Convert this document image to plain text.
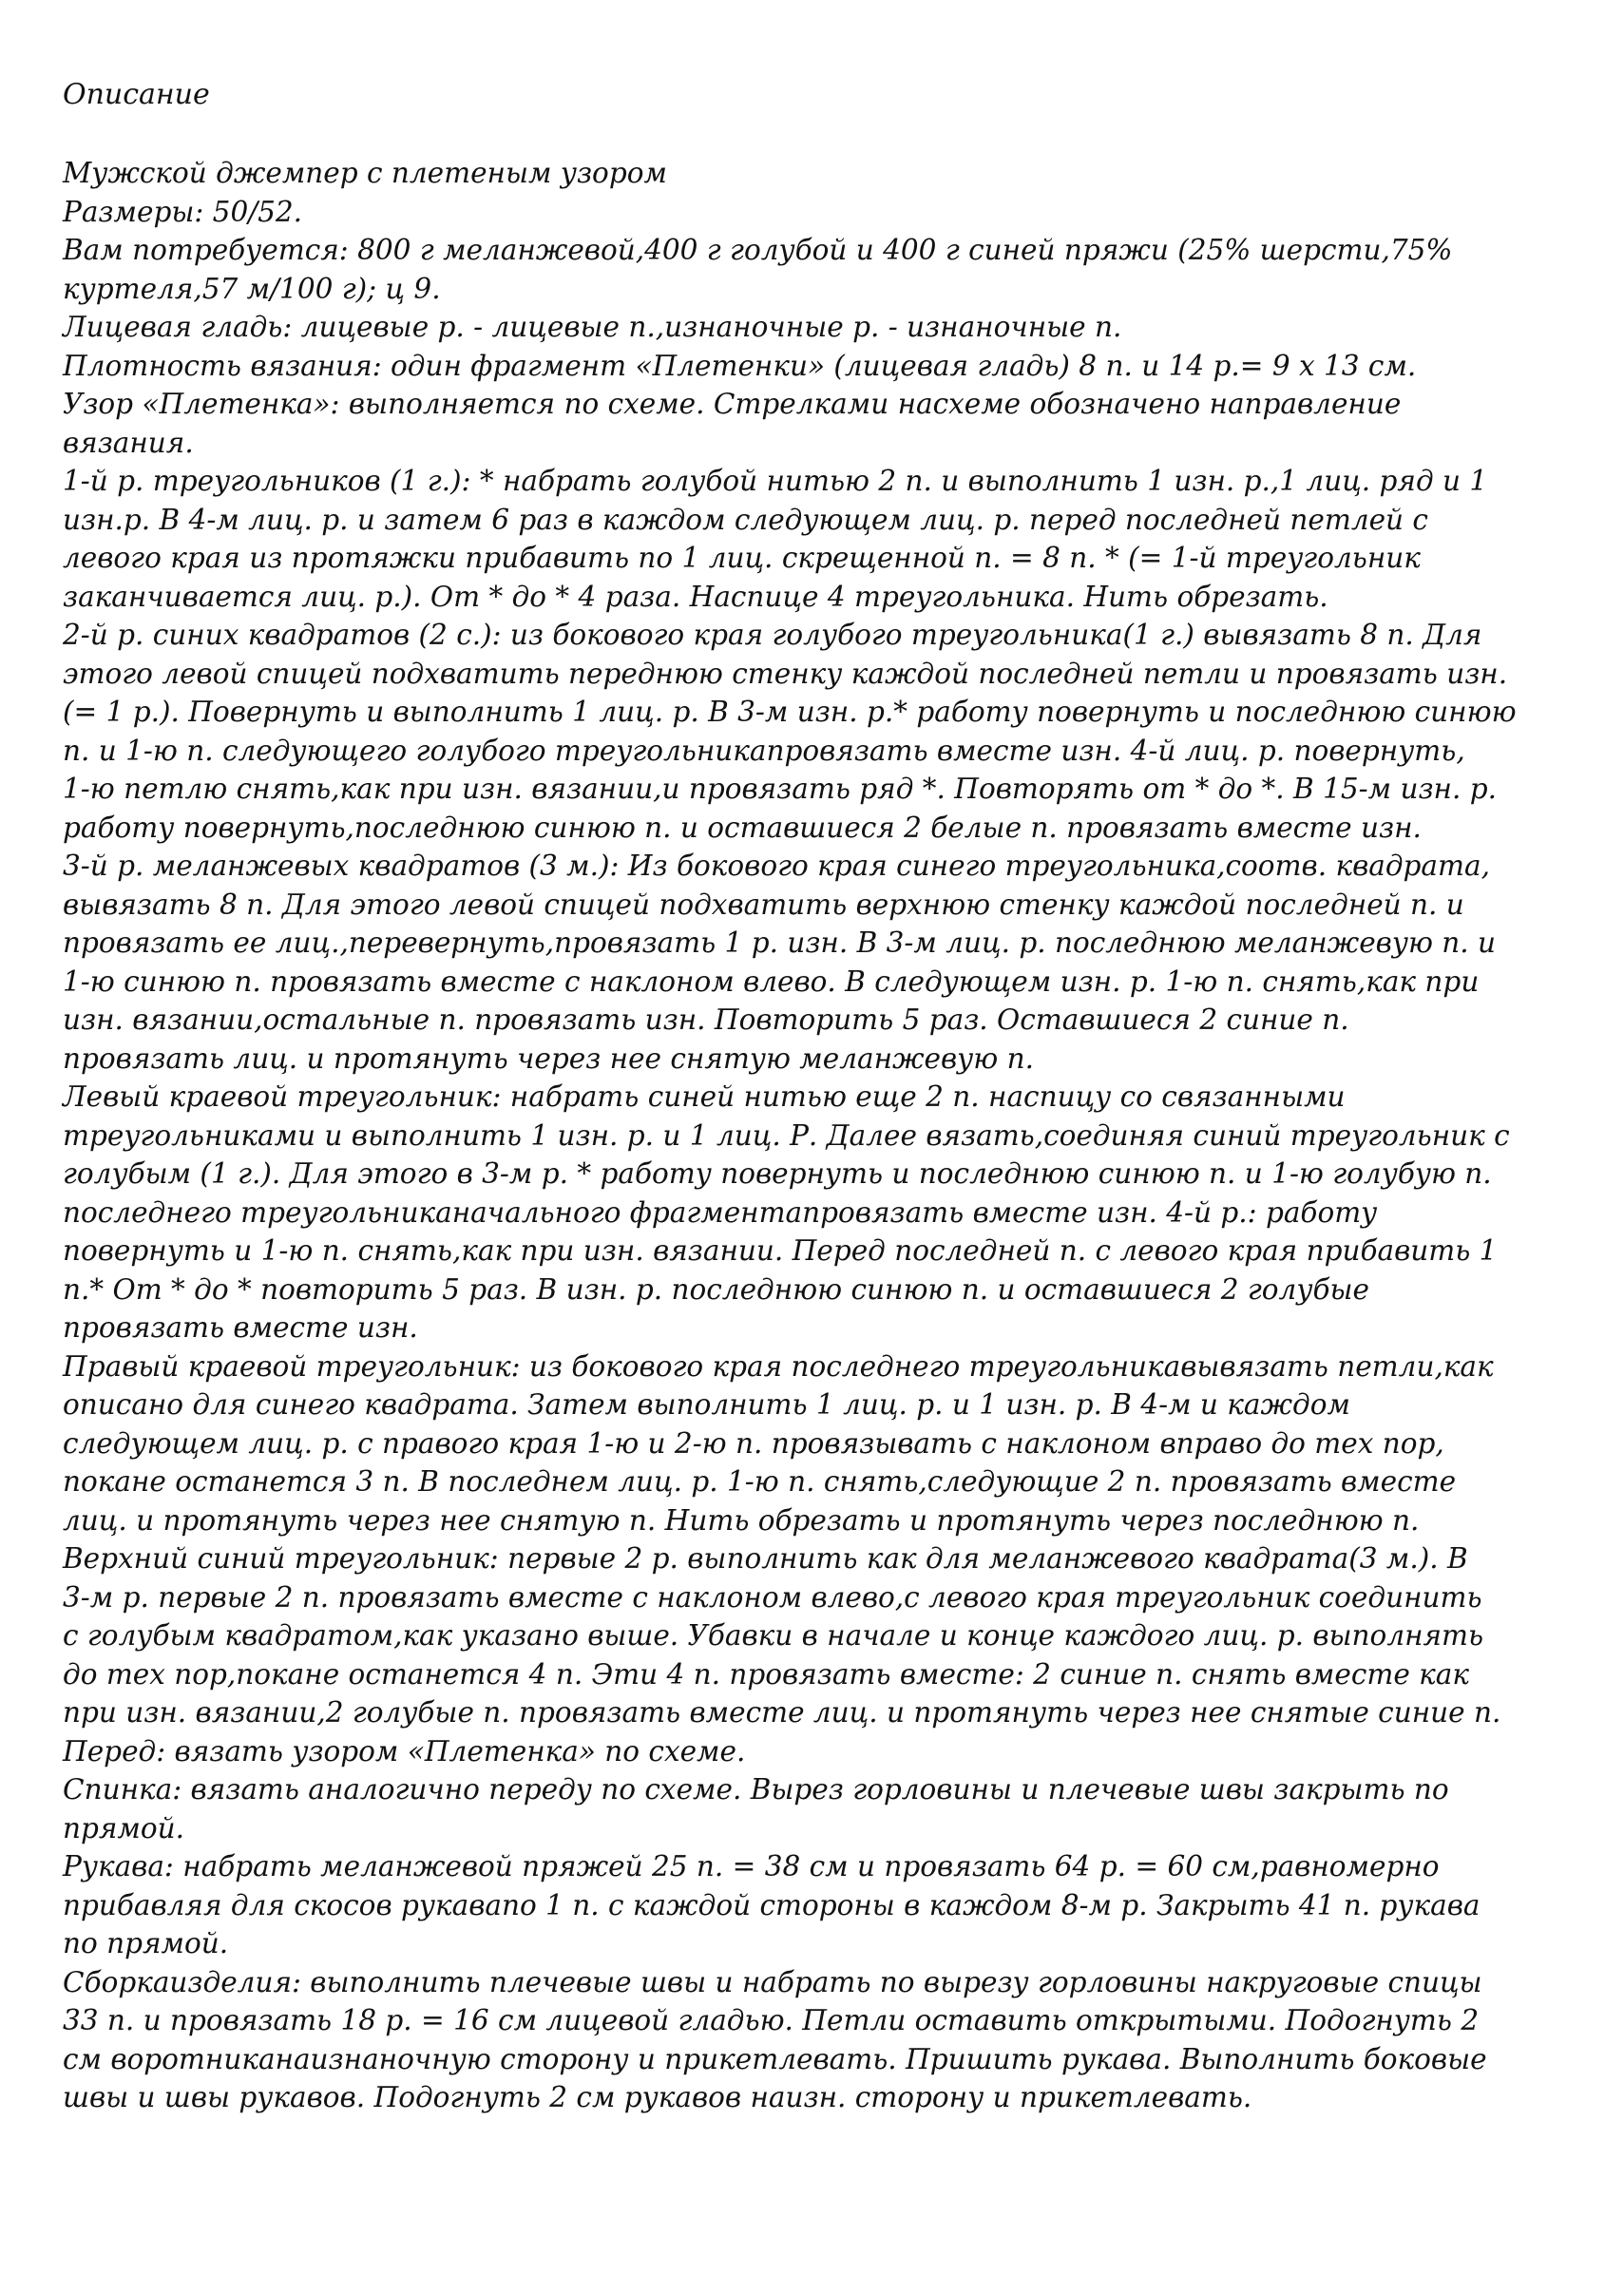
Описание
Мужской джемпер с плетеным узором
Размеры: 50/52.
Вам потребуется: 800 г меланжевой,400 г голубой и 400 г синей пряжи (25% шерсти,75%
куртеля,57 м/100 г); ц 9.
Лицевая гладь: лицевые р. - лицевые п.,изнаночные р. - изнаночные п.
Плотность вязания: один фрагмент «Плетенки» (лицевая гладь) 8 п. и 14 р.= 9 х 13 см.
Узор «Плетенка»: выполняется по схеме. Стрелками насхеме обозначено направление
вязания.
1-й р. треугольников (1 г.): * набрать голубой нитью 2 п. и выполнить 1 изн. р.,1 лиц. ряд и 1
изн.р. В 4-м лиц. р. и затем 6 раз в каждом следующем лиц. р. перед последней петлей с
левого края из протяжки прибавить по 1 лиц. скрещенной п. = 8 п. * (= 1-й треугольник
заканчивается лиц. р.). От * до * 4 раза. Наспице 4 треугольника. Нить обрезать.
2-й р. синих квадратов (2 с.): из бокового края голубого треугольника(1 г.) вывязать 8 п. Для
этого левой спицей подхватить переднюю стенку каждой последней петли и провязать изн.
(= 1 р.). Повернуть и выполнить 1 лиц. р. В 3-м изн. р.* работу повернуть и последнюю синюю
п. и 1-ю п. следующего голубого треугольникапровязать вместе изн. 4-й лиц. р. повернуть,
1-ю петлю снять,как при изн. вязании,и провязать ряд *. Повторять от * до *. В 15-м изн. р.
работу повернуть,последнюю синюю п. и оставшиеся 2 белые п. провязать вместе изн.
3-й р. меланжевых квадратов (3 м.): Из бокового края синего треугольника,соотв. квадрата,
вывязать 8 п. Для этого левой спицей подхватить верхнюю стенку каждой последней п. и
провязать ее лиц.,перевернуть,провязать 1 р. изн. В 3-м лиц. р. последнюю меланжевую п. и
1-ю синюю п. провязать вместе с наклоном влево. В следующем изн. р. 1-ю п. снять,как при
изн. вязании,остальные п. провязать изн. Повторить 5 раз. Оставшиеся 2 синие п.
провязать лиц. и протянуть через нее снятую меланжевую п.
Левый краевой треугольник: набрать синей нитью еще 2 п. наспицу со связанными
треугольниками и выполнить 1 изн. р. и 1 лиц. Р. Далее вязать,соединяя синий треугольник с
голубым (1 г.). Для этого в 3-м р. * работу повернуть и последнюю синюю п. и 1-ю голубую п.
последнего треугольниканачального фрагментапровязать вместе изн. 4-й р.: работу
повернуть и 1-ю п. снять,как при изн. вязании. Перед последней п. с левого края прибавить 1
п.* От * до * повторить 5 раз. В изн. р. последнюю синюю п. и оставшиеся 2 голубые
провязать вместе изн.
Правый краевой треугольник: из бокового края последнего треугольникавывязать петли,как
описано для синего квадрата. Затем выполнить 1 лиц. р. и 1 изн. р. В 4-м и каждом
следующем лиц. р. с правого края 1-ю и 2-ю п. провязывать с наклоном вправо до тех пор,
покане останется 3 п. В последнем лиц. р. 1-ю п. снять,следующие 2 п. провязать вместе
лиц. и протянуть через нее снятую п. Нить обрезать и протянуть через последнюю п.
Верхний синий треугольник: первые 2 р. выполнить как для меланжевого квадрата(3 м.). В
3-м р. первые 2 п. провязать вместе с наклоном влево,с левого края треугольник соединить
с голубым квадратом,как указано выше. Убавки в начале и конце каждого лиц. р. выполнять
до тех пор,покане останется 4 п. Эти 4 п. провязать вместе: 2 синие п. снять вместе как
при изн. вязании,2 голубые п. провязать вместе лиц. и протянуть через нее снятые синие п.
Перед: вязать узором «Плетенка» по схеме.
Спинка: вязать аналогично переду по схеме. Вырез горловины и плечевые швы закрыть по
прямой.
Рукава: набрать меланжевой пряжей 25 п. = 38 см и провязать 64 р. = 60 см,равномерно
прибавляя для скосов рукавапо 1 п. с каждой стороны в каждом 8-м р. Закрыть 41 п. рукава
по прямой.
Сборкаизделия: выполнить плечевые швы и набрать по вырезу горловины накруговые спицы
33 п. и провязать 18 р. = 16 см лицевой гладью. Петли оставить открытыми. Подогнуть 2
см воротниканаизнаночную сторону и прикетлевать. Пришить рукава. Выполнить боковые
швы и швы рукавов. Подогнуть 2 см рукавов наизн. сторону и прикетлевать.
